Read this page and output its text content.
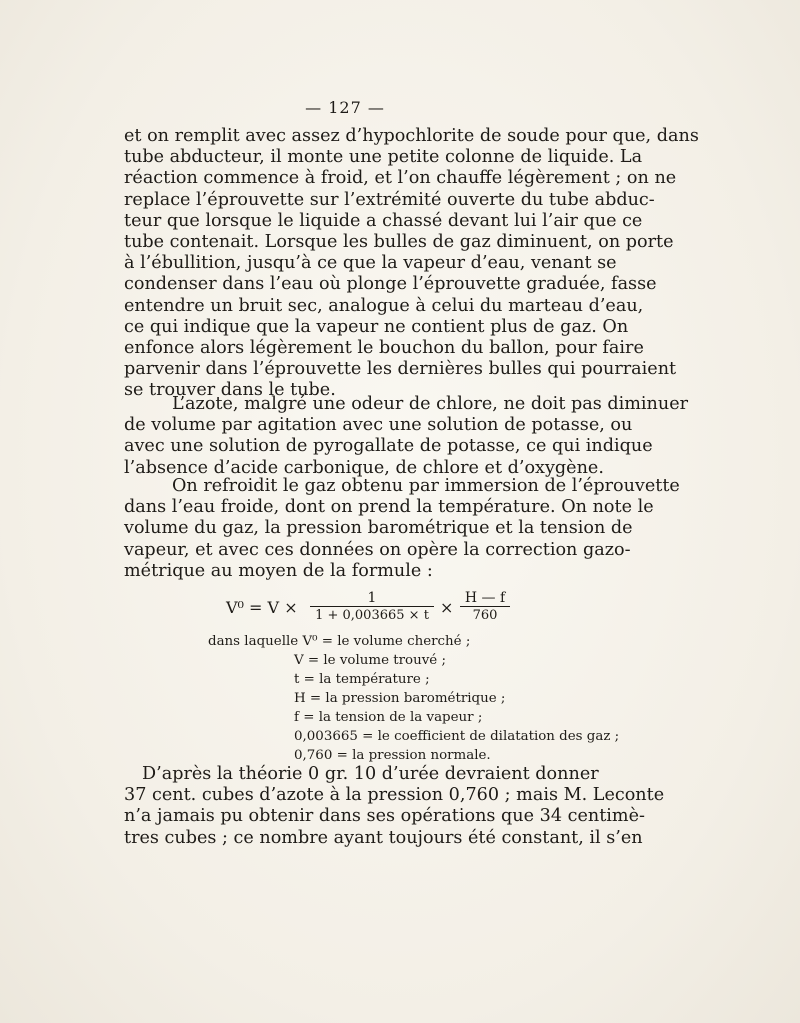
— 127 —

et on remplit avec assez d’hypochlorite de soude pour que, dans
tube abducteur, il monte une petite colonne de liquide. La
réaction commence à froid, et l’on chauffe légèrement ; on ne
replace l’éprouvette sur l’extrémité ouverte du tube abduc-
teur que lorsque le liquide a chassé devant lui l’air que ce
tube contenait. Lorsque les bulles de gaz diminuent, on porte
à l’ébullition, jusqu’à ce que la vapeur d’eau, venant se
condenser dans l’eau où plonge l’éprouvette graduée, fasse
entendre un bruit sec, analogue à celui du marteau d’eau,
ce qui indique que la vapeur ne contient plus de gaz. On
enfonce alors légèrement le bouchon du ballon, pour faire
parvenir dans l’éprouvette les dernières bulles qui pourraient
se trouver dans le tube.

L’azote, malgré une odeur de chlore, ne doit pas diminuer
de volume par agitation avec une solution de potasse, ou
avec une solution de pyrogallate de potasse, ce qui indique
l’absence d’acide carbonique, de chlore et d’oxygène.

On refroidit le gaz obtenu par immersion de l’éprouvette
dans l’eau froide, dont on prend la température. On note le
volume du gaz, la pression barométrique et la tension de
vapeur, et avec ces données on opère la correction gazo-
métrique au moyen de la formule :

$V^0 = V \times \frac{1}{1 + 0,003665 \times t} \times \frac{H — f}{760}$
dans laquelle V⁰ = le volume cherché ;
V = le volume trouvé ;
t = la température ;
H = la pression barométrique ;
f = la tension de la vapeur ;
0,003665 = le coefficient de dilatation des gaz ;
0,760 = la pression normale.

D’après la théorie 0 gr. 10 d’urée devraient donner
37 cent. cubes d’azote à la pression 0,760 ; mais M. Leconte
n’a jamais pu obtenir dans ses opérations que 34 centimè-
tres cubes ; ce nombre ayant toujours été constant, il s’en
